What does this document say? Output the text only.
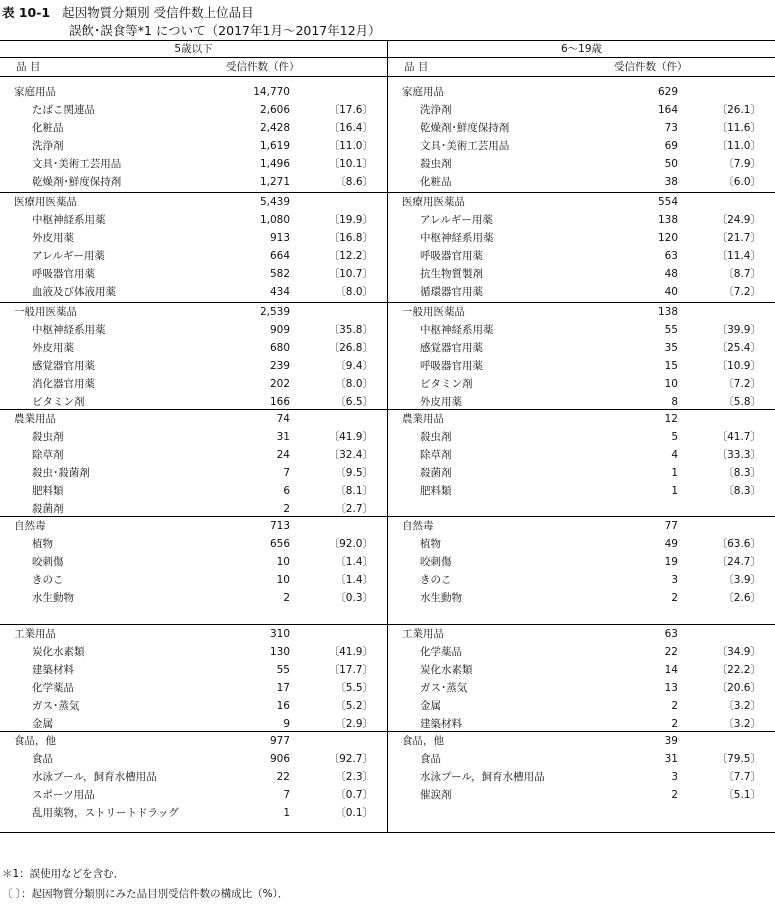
表 10-1 起因物質分類別 受信件数上位品目
誤飲･誤食等*1 について（2017年1月～2017年12月）
5歳以下
品 目	受信件数（件）
家庭用品	14,770
たばこ関連品	2,606	〔17.6〕
化粧品	2,428	〔16.4〕
洗浄剤	1,619	〔11.0〕
文具･美術工芸用品	1,496	〔10.1〕
乾燥剤･鮮度保持剤	1,271	〔8.6〕
医療用医薬品	5,439
中枢神経系用薬	1,080	〔19.9〕
外皮用薬	913	〔16.8〕
アレルギー用薬	664	〔12.2〕
呼吸器官用薬	582	〔10.7〕
血液及び体液用薬	434	〔8.0〕
一般用医薬品	2,539
中枢神経系用薬	909	〔35.8〕
外皮用薬	680	〔26.8〕
感覚器官用薬	239	〔9.4〕
消化器官用薬	202	〔8.0〕
ビタミン剤	166	〔6.5〕
農業用品	74
殺虫剤	31	〔41.9〕
除草剤	24	〔32.4〕
殺虫･殺菌剤	7	〔9.5〕
肥料類	6	〔8.1〕
殺菌剤	2	〔2.7〕
自然毒	713
植物	656	〔92.0〕
咬刺傷	10	〔1.4〕
きのこ	10	〔1.4〕
水生動物	2	〔0.3〕
工業用品	310
炭化水素類	130	〔41.9〕
建築材料	55	〔17.7〕
化学薬品	17	〔5.5〕
ガス･蒸気	16	〔5.2〕
金属	9	〔2.9〕
食品，他	977
食品	906	〔92.7〕
水泳プール，飼育水槽用品	22	〔2.3〕
スポーツ用品	7	〔0.7〕
乱用薬物，ストリートドラッグ	1	〔0.1〕
6～19歳
品 目	受信件数（件）
家庭用品	629
洗浄剤	164	〔26.1〕
乾燥剤･鮮度保持剤	73	〔11.6〕
文具･美術工芸用品	69	〔11.0〕
殺虫剤	50	〔7.9〕
化粧品	38	〔6.0〕
医療用医薬品	554
アレルギー用薬	138	〔24.9〕
中枢神経系用薬	120	〔21.7〕
呼吸器官用薬	63	〔11.4〕
抗生物質製剤	48	〔8.7〕
循環器官用薬	40	〔7.2〕
一般用医薬品	138
中枢神経系用薬	55	〔39.9〕
感覚器官用薬	35	〔25.4〕
呼吸器官用薬	15	〔10.9〕
ビタミン剤	10	〔7.2〕
外皮用薬	8	〔5.8〕
農業用品	12
殺虫剤	5	〔41.7〕
除草剤	4	〔33.3〕
殺菌剤	1	〔8.3〕
肥料類	1	〔8.3〕
自然毒	77
植物	49	〔63.6〕
咬刺傷	19	〔24.7〕
きのこ	3	〔3.9〕
水生動物	2	〔2.6〕
工業用品	63
化学薬品	22	〔34.9〕
炭化水素類	14	〔22.2〕
ガス･蒸気	13	〔20.6〕
金属	2	〔3.2〕
建築材料	2	〔3.2〕
食品，他	39
食品	31	〔79.5〕
水泳プール，飼育水槽用品	3	〔7.7〕
催涙剤	2	〔5.1〕
＊1：誤使用などを含む．
〔 〕：起因物質分類別にみた品目別受信件数の構成比（%）．
